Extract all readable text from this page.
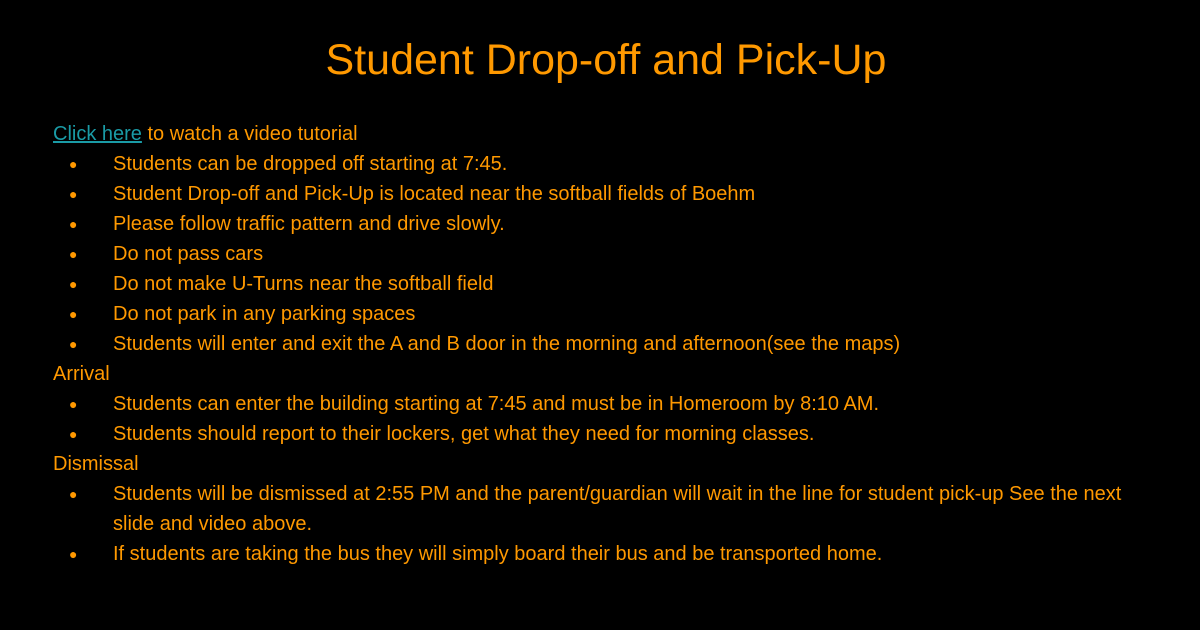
Student Drop-off and Pick-Up
Click here to watch a video tutorial
● Students can be dropped off starting at 7:45.
● Student Drop-off and Pick-Up is located near the softball fields of Boehm
● Please follow traffic pattern and drive slowly.
● Do not pass cars
● Do not make U-Turns near the softball field
● Do not park in any parking spaces
● Students will enter and exit the A and B door in the morning and afternoon(see the maps)
Arrival
● Students can enter the building starting at 7:45 and must be in Homeroom by 8:10 AM.
● Students should report to their lockers, get what they need for morning classes.
Dismissal
● Students will be dismissed at 2:55 PM and the parent/guardian will wait in the line for student pick-up See the next slide and video above.
● If students are taking the bus they will simply board their bus and be transported home.
